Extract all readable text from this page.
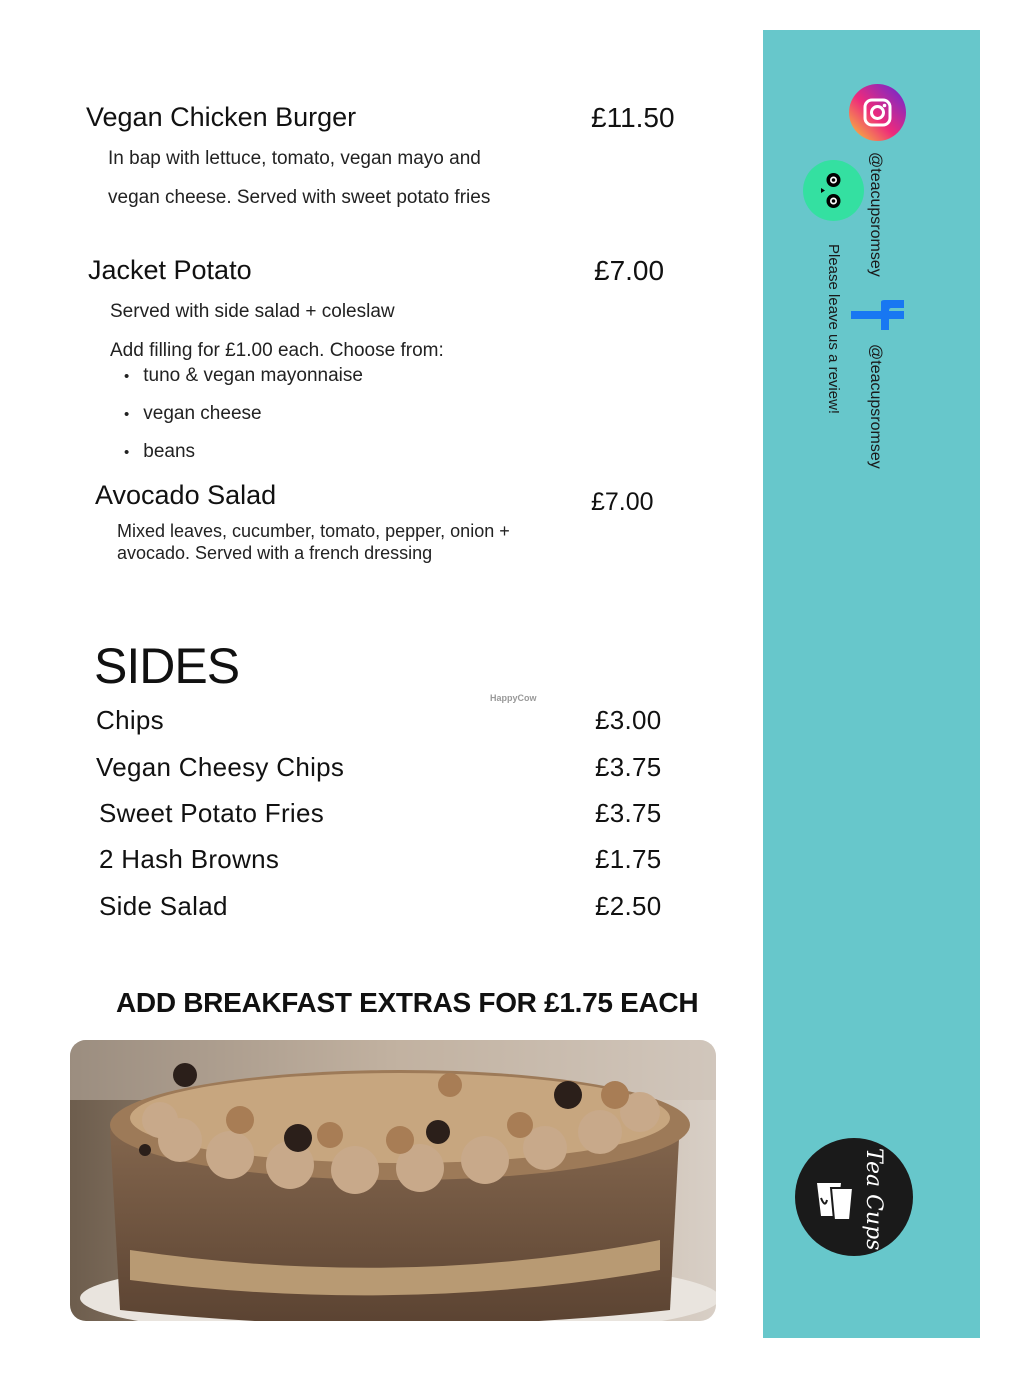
Vegan Chicken Burger	£11.50
In bap with lettuce, tomato, vegan mayo and
vegan cheese. Served with sweet potato fries
Jacket Potato	£7.00
Served with side salad + coleslaw
Add filling for £1.00 each. Choose from:
• tuno & vegan mayonnaise
• vegan cheese
• beans
Avocado Salad	£7.00
Mixed leaves, cucumber, tomato, pepper, onion +
avocado. Served with a french dressing
SIDES
HappyCow
Chips	£3.00
Vegan Cheesy Chips	£3.75
Sweet Potato Fries	£3.75
2 Hash Browns	£1.75
Side Salad	£2.50
ADD BREAKFAST EXTRAS FOR £1.75 EACH
@teacupsromsey
Please leave us a review! @teacupsromsey
Tea Cups
